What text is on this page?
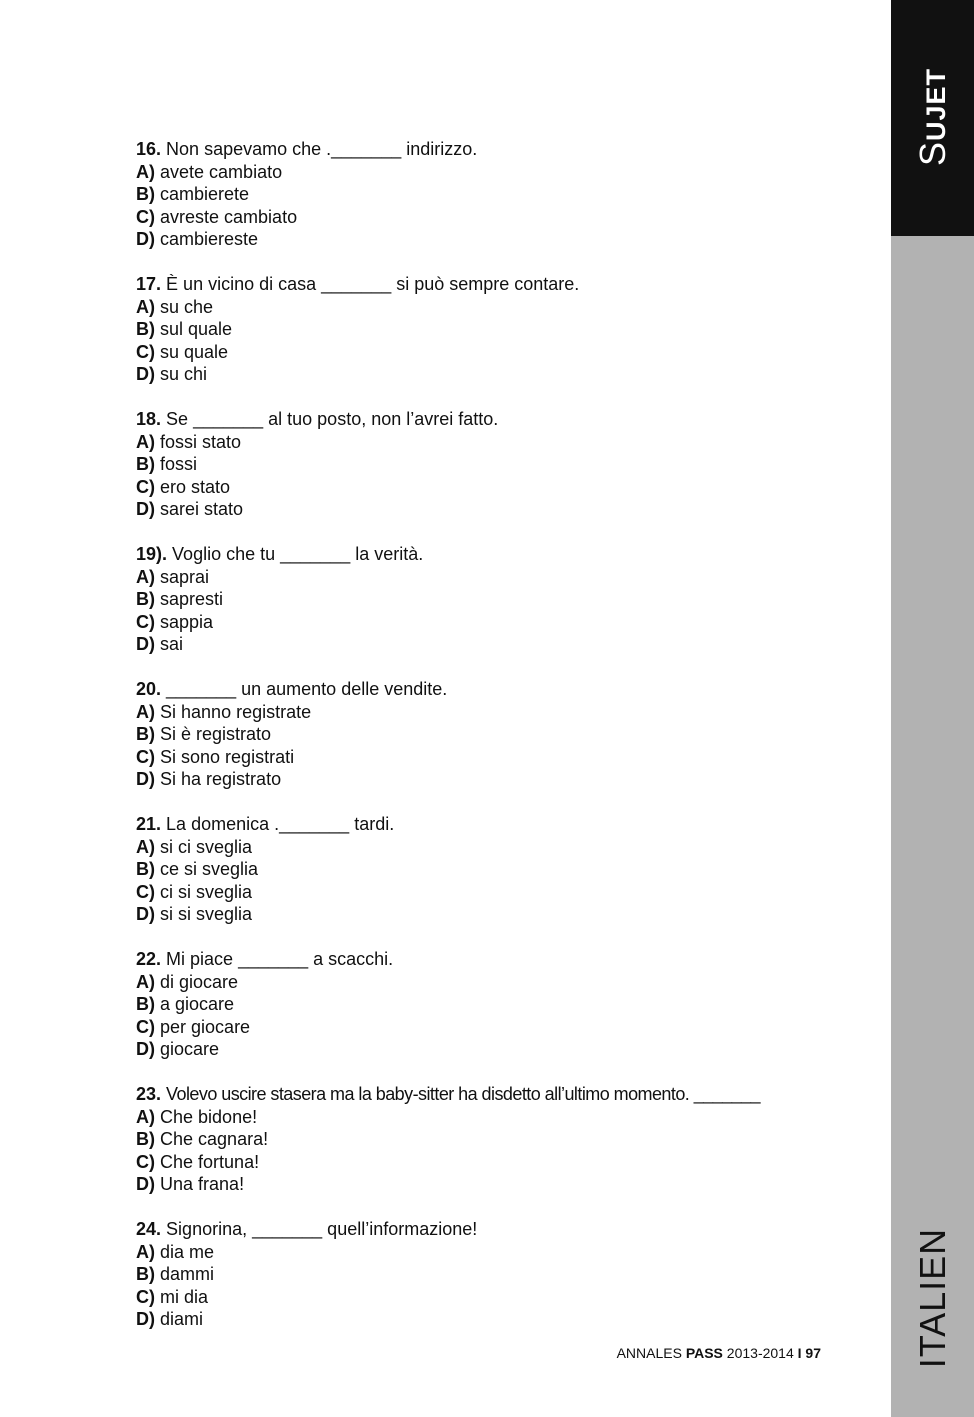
SUJET
ITALIEN
16. Non sapevamo che ._______ indirizzo.
A) avete cambiato
B) cambierete
C) avreste cambiato
D) cambiereste
17. È un vicino di casa _______ si può sempre contare.
A) su che
B) sul quale
C) su quale
D) su chi
18. Se _______ al tuo posto, non l’avrei fatto.
A) fossi stato
B) fossi
C) ero stato
D) sarei stato
19). Voglio che tu _______ la verità.
A) saprai
B) sapresti
C) sappia
D) sai
20. _______ un aumento delle vendite.
A) Si hanno registrate
B) Si è registrato
C) Si sono registrati
D) Si ha registrato
21. La domenica ._______ tardi.
A) si ci sveglia
B) ce si sveglia
C) ci si sveglia
D) si si sveglia
22. Mi piace _______ a scacchi.
A) di giocare
B) a giocare
C) per giocare
D) giocare
23. Volevo uscire stasera ma la baby-sitter ha disdetto all’ultimo momento. _______
A) Che bidone!
B) Che cagnara!
C) Che fortuna!
D) Una frana!
24. Signorina, _______ quell’informazione!
A) dia me
B) dammi
C) mi dia
D) diami
ANNALES PASS 2013-2014 I 97
